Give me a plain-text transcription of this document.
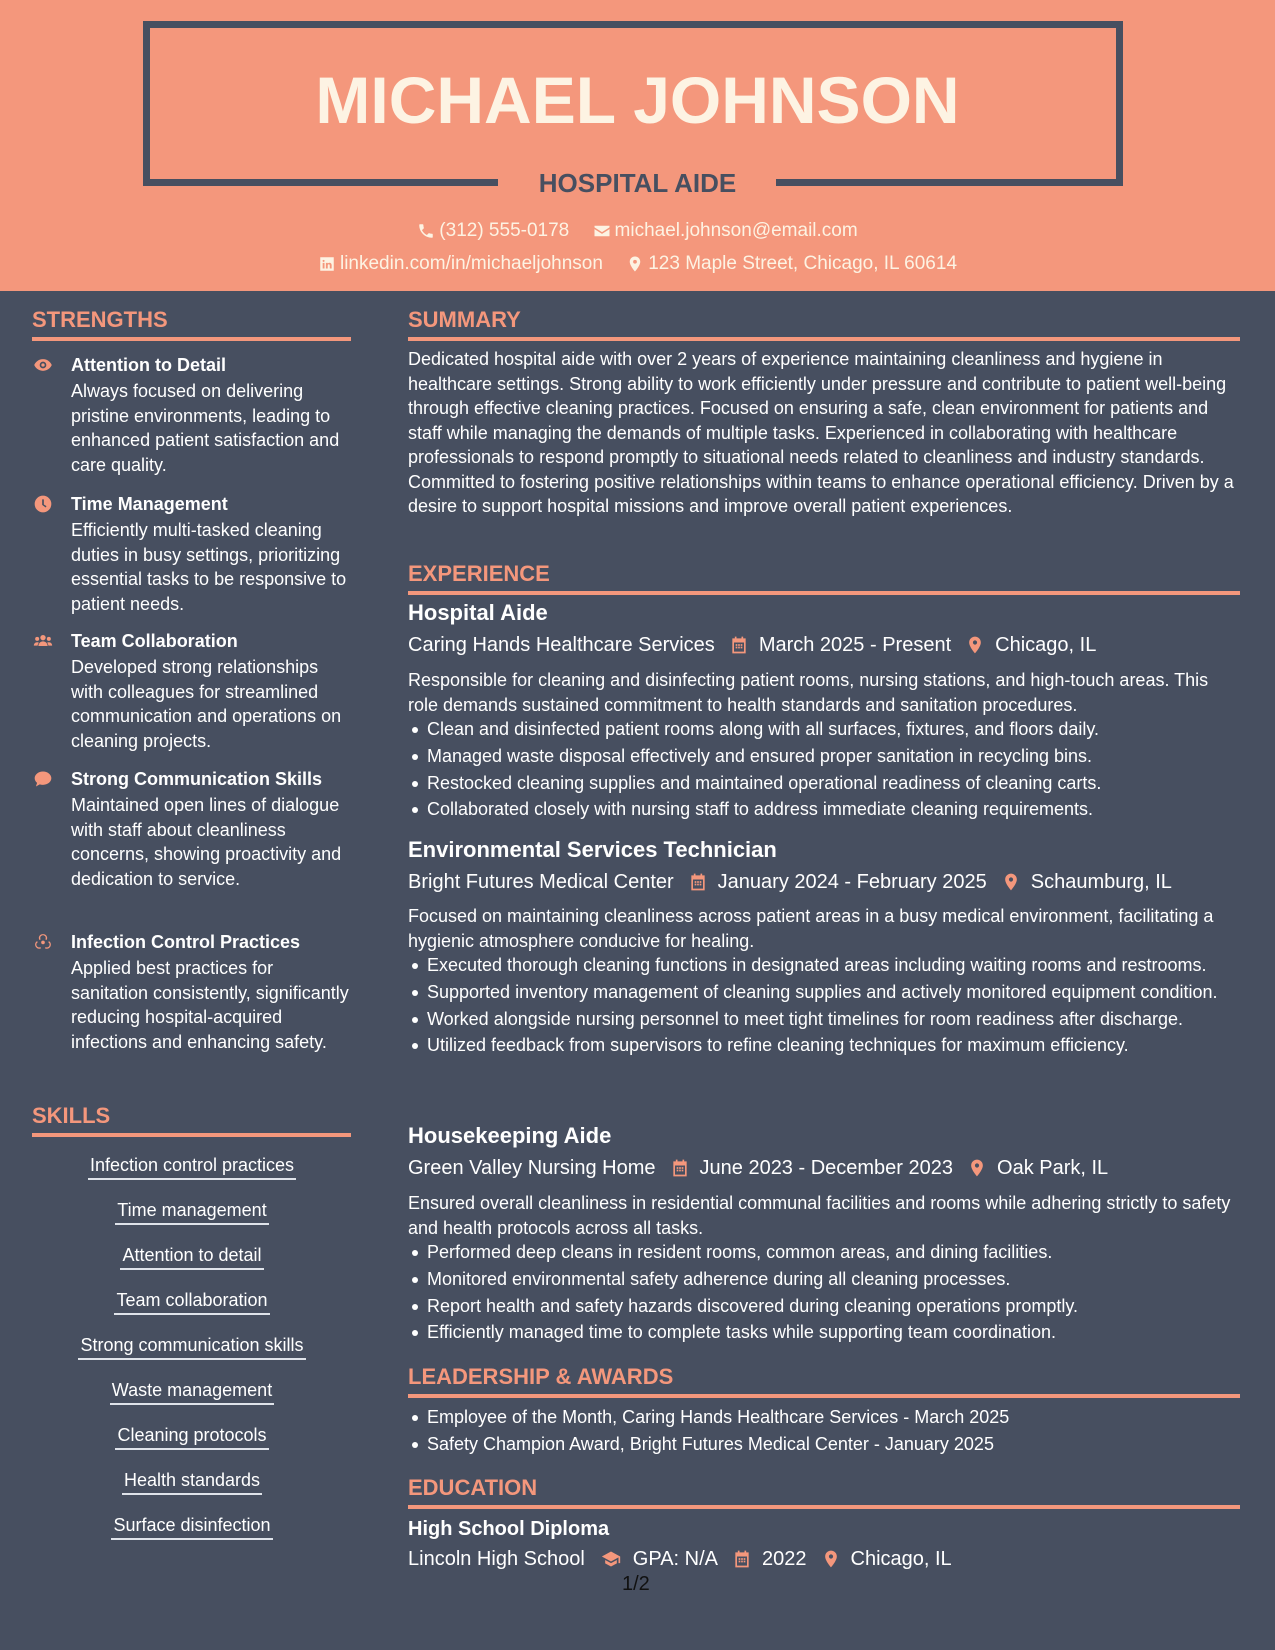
MICHAEL JOHNSON
HOSPITAL AIDE
(312) 555-0178
michael.johnson@email.com
linkedin.com/in/michaeljohnson
123 Maple Street, Chicago, IL 60614
STRENGTHS
Attention to Detail
Always focused on delivering pristine environments, leading to enhanced patient satisfaction and care quality.
Time Management
Efficiently multi-tasked cleaning duties in busy settings, prioritizing essential tasks to be responsive to patient needs.
Team Collaboration
Developed strong relationships with colleagues for streamlined communication and operations on cleaning projects.
Strong Communication Skills
Maintained open lines of dialogue with staff about cleanliness concerns, showing proactivity and dedication to service.
Infection Control Practices
Applied best practices for sanitation consistently, significantly reducing hospital-acquired infections and enhancing safety.
SKILLS
Infection control practices
Time management
Attention to detail
Team collaboration
Strong communication skills
Waste management
Cleaning protocols
Health standards
Surface disinfection
SUMMARY
Dedicated hospital aide with over 2 years of experience maintaining cleanliness and hygiene in healthcare settings. Strong ability to work efficiently under pressure and contribute to patient well-being through effective cleaning practices. Focused on ensuring a safe, clean environment for patients and staff while managing the demands of multiple tasks. Experienced in collaborating with healthcare professionals to respond promptly to situational needs related to cleanliness and industry standards. Committed to fostering positive relationships within teams to enhance operational efficiency. Driven by a desire to support hospital missions and improve overall patient experiences.
EXPERIENCE
Hospital Aide
Caring Hands Healthcare Services March 2025 - Present Chicago, IL
Responsible for cleaning and disinfecting patient rooms, nursing stations, and high-touch areas. This role demands sustained commitment to health standards and sanitation procedures.
Clean and disinfected patient rooms along with all surfaces, fixtures, and floors daily.
Managed waste disposal effectively and ensured proper sanitation in recycling bins.
Restocked cleaning supplies and maintained operational readiness of cleaning carts.
Collaborated closely with nursing staff to address immediate cleaning requirements.
Environmental Services Technician
Bright Futures Medical Center January 2024 - February 2025 Schaumburg, IL
Focused on maintaining cleanliness across patient areas in a busy medical environment, facilitating a hygienic atmosphere conducive for healing.
Executed thorough cleaning functions in designated areas including waiting rooms and restrooms.
Supported inventory management of cleaning supplies and actively monitored equipment condition.
Worked alongside nursing personnel to meet tight timelines for room readiness after discharge.
Utilized feedback from supervisors to refine cleaning techniques for maximum efficiency.
Housekeeping Aide
Green Valley Nursing Home June 2023 - December 2023 Oak Park, IL
Ensured overall cleanliness in residential communal facilities and rooms while adhering strictly to safety and health protocols across all tasks.
Performed deep cleans in resident rooms, common areas, and dining facilities.
Monitored environmental safety adherence during all cleaning processes.
Report health and safety hazards discovered during cleaning operations promptly.
Efficiently managed time to complete tasks while supporting team coordination.
LEADERSHIP & AWARDS
Employee of the Month, Caring Hands Healthcare Services - March 2025
Safety Champion Award, Bright Futures Medical Center - January 2025
EDUCATION
High School Diploma
Lincoln High School GPA: N/A 2022 Chicago, IL
1/2
